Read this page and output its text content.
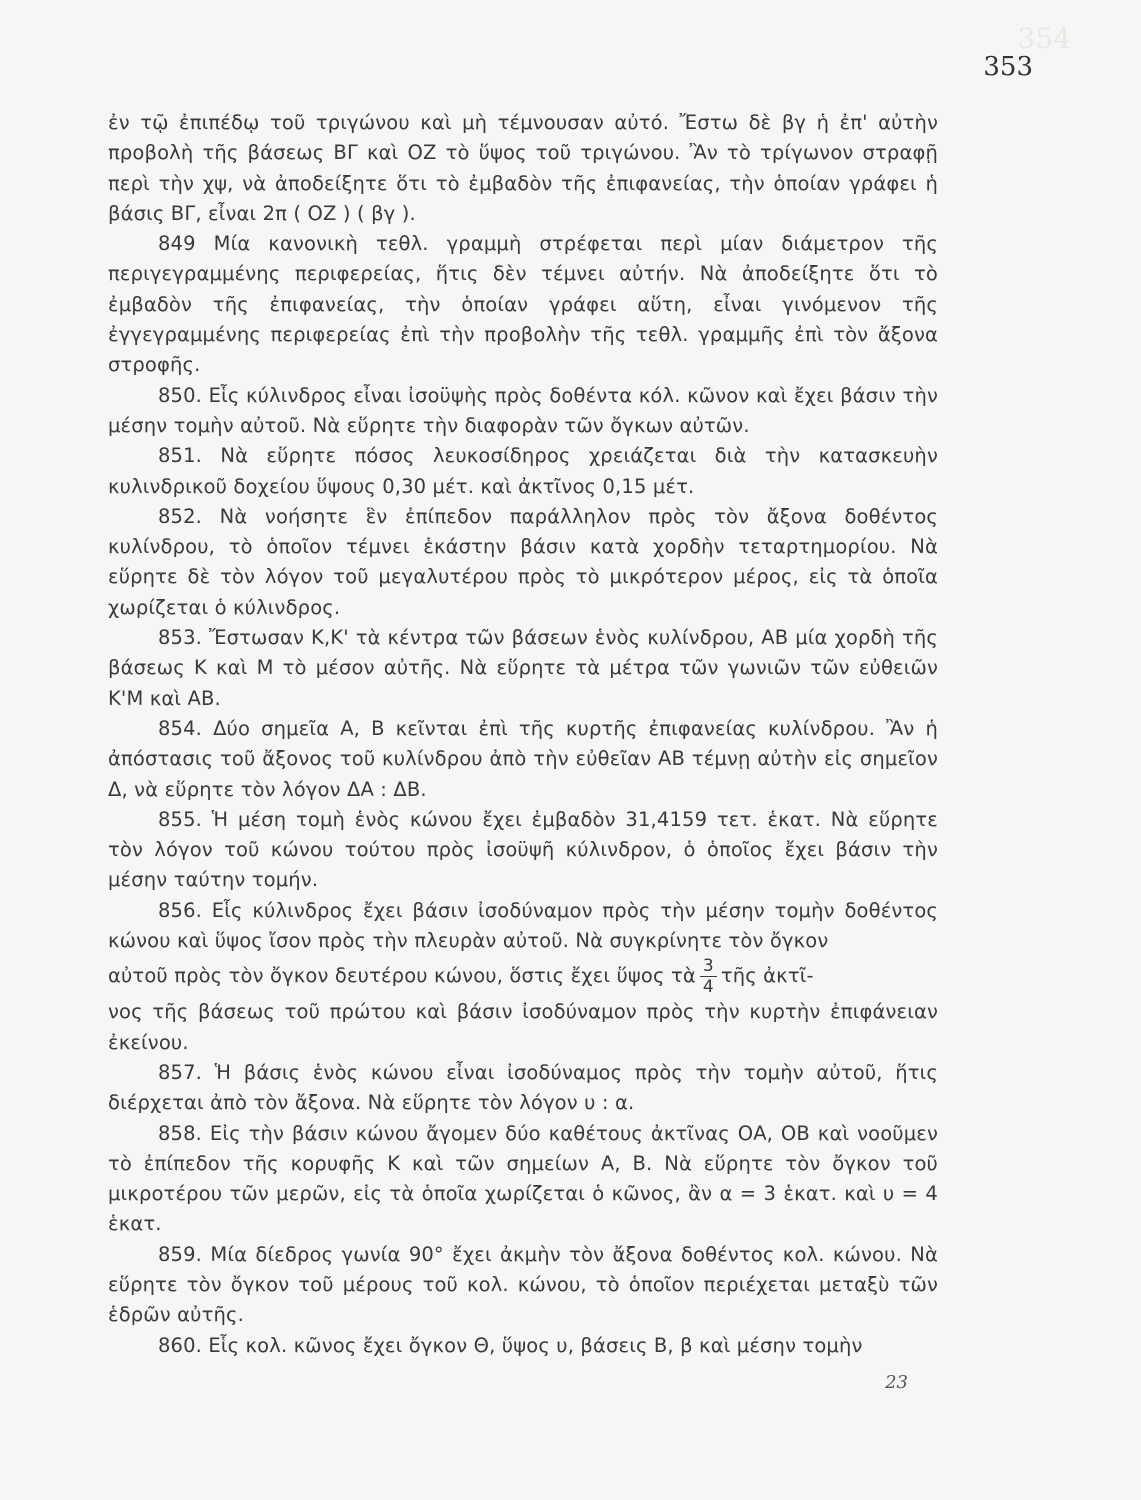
354
353

ἐν τῷ ἐπιπέδῳ τοῦ τριγώνου καὶ μὴ τέμνουσαν αὐτό. Ἔστω δὲ βγ ἡ ἐπ' αὐτὴν προβολὴ τῆς βάσεως ΒΓ καὶ ΟΖ τὸ ὕψος τοῦ τριγώνου. Ἂν τὸ τρίγωνον στραφῇ περὶ τὴν χψ, νὰ ἀποδείξητε ὅτι τὸ ἐμβαδὸν τῆς ἐπιφανείας, τὴν ὁποίαν γράφει ἡ βάσις ΒΓ, εἶναι 2π ( ΟΖ ) ( βγ ).

849 Μία κανονικὴ τεθλ. γραμμὴ στρέφεται περὶ μίαν διάμετρον τῆς περιγεγραμμένης περιφερείας, ἥτις δὲν τέμνει αὐτήν. Νὰ ἀποδείξητε ὅτι τὸ ἐμβαδὸν τῆς ἐπιφανείας, τὴν ὁποίαν γράφει αὕτη, εἶναι γινόμενον τῆς ἐγγεγραμμένης περιφερείας ἐπὶ τὴν προβολὴν τῆς τεθλ. γραμμῆς ἐπὶ τὸν ἄξονα στροφῆς.

850. Εἷς κύλινδρος εἶναι ἰσοϋψὴς πρὸς δοθέντα κόλ. κῶνον καὶ ἔχει βάσιν τὴν μέσην τομὴν αὐτοῦ. Νὰ εὕρητε τὴν διαφορὰν τῶν ὄγκων αὐτῶν.

851. Νὰ εὕρητε πόσος λευκοσίδηρος χρειάζεται διὰ τὴν κατασκευὴν κυλινδρικοῦ δοχείου ὕψους 0,30 μέτ. καὶ ἀκτῖνος 0,15 μέτ.

852. Νὰ νοήσητε ἓν ἐπίπεδον παράλληλον πρὸς τὸν ἄξονα δοθέντος κυλίνδρου, τὸ ὁποῖον τέμνει ἑκάστην βάσιν κατὰ χορδὴν τεταρτημορίου. Νὰ εὕρητε δὲ τὸν λόγον τοῦ μεγαλυτέρου πρὸς τὸ μικρότερον μέρος, εἰς τὰ ὁποῖα χωρίζεται ὁ κύλινδρος.

853. Ἔστωσαν Κ,Κ' τὰ κέντρα τῶν βάσεων ἑνὸς κυλίνδρου, ΑΒ μία χορδὴ τῆς βάσεως Κ καὶ Μ τὸ μέσον αὐτῆς. Νὰ εὕρητε τὰ μέτρα τῶν γωνιῶν τῶν εὐθειῶν Κ'Μ καὶ ΑΒ.

854. Δύο σημεῖα Α, Β κεῖνται ἐπὶ τῆς κυρτῆς ἐπιφανείας κυλίνδρου. Ἂν ἡ ἀπόστασις τοῦ ἄξονος τοῦ κυλίνδρου ἀπὸ τὴν εὐθεῖαν ΑΒ τέμνῃ αὐτὴν εἰς σημεῖον Δ, νὰ εὕρητε τὸν λόγον ΔΑ : ΔΒ.

855. Ἡ μέση τομὴ ἑνὸς κώνου ἔχει ἐμβαδὸν 31,4159 τετ. ἑκατ. Νὰ εὕρητε τὸν λόγον τοῦ κώνου τούτου πρὸς ἰσοϋψῆ κύλινδρον, ὁ ὁποῖος ἔχει βάσιν τὴν μέσην ταύτην τομήν.

856. Εἷς κύλινδρος ἔχει βάσιν ἰσοδύναμον πρὸς τὴν μέσην τομὴν δοθέντος κώνου καὶ ὕψος ἴσον πρὸς τὴν πλευρὰν αὐτοῦ. Νὰ συγκρίνητε τὸν ὄγκον

αὐτοῦ πρὸς τὸν ὄγκον δευτέρου κώνου, ὅστις ἔχει ὕψος τὰ $\frac{3}{4}$ τῆς ἀκτῖ-

νος τῆς βάσεως τοῦ πρώτου καὶ βάσιν ἰσοδύναμον πρὸς τὴν κυρτὴν ἐπιφάνειαν ἐκείνου.

857. Ἡ βάσις ἑνὸς κώνου εἶναι ἰσοδύναμος πρὸς τὴν τομὴν αὐτοῦ, ἥτις διέρχεται ἀπὸ τὸν ἄξονα. Νὰ εὕρητε τὸν λόγον υ : α.

858. Εἰς τὴν βάσιν κώνου ἄγομεν δύο καθέτους ἀκτῖνας ΟΑ, ΟΒ καὶ νοοῦμεν τὸ ἐπίπεδον τῆς κορυφῆς Κ καὶ τῶν σημείων Α, Β. Νὰ εὕρητε τὸν ὄγκον τοῦ μικροτέρου τῶν μερῶν, εἰς τὰ ὁποῖα χωρίζεται ὁ κῶνος, ἂν α = 3 ἑκατ. καὶ υ = 4 ἑκατ.

859. Μία δίεδρος γωνία 90° ἔχει ἀκμὴν τὸν ἄξονα δοθέντος κολ. κώνου. Νὰ εὕρητε τὸν ὄγκον τοῦ μέρους τοῦ κολ. κώνου, τὸ ὁποῖον περιέχεται μεταξὺ τῶν ἑδρῶν αὐτῆς.

860. Εἷς κολ. κῶνος ἔχει ὄγκον Θ, ὕψος υ, βάσεις Β, β καὶ μέσην τομὴν

23
